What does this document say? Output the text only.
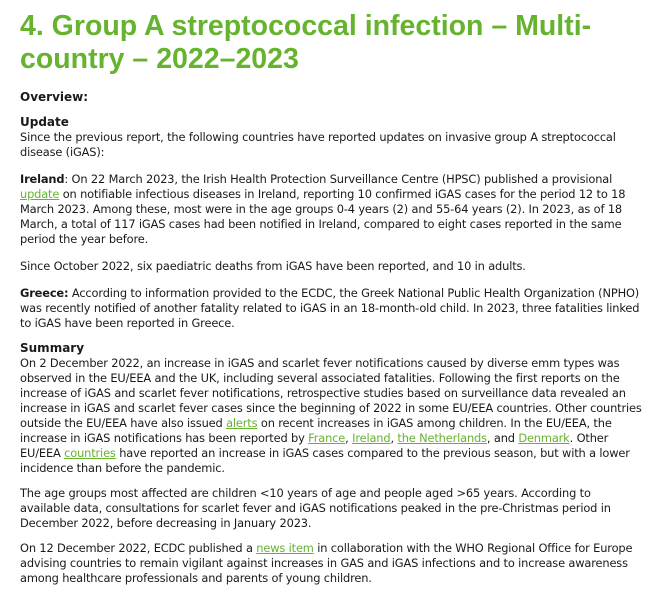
4. Group A streptococcal infection – Multi-country – 2022–2023
Overview:
Update

Since the previous report, the following countries have reported updates on invasive group A streptococcal disease (iGAS):

Ireland: On 22 March 2023, the Irish Health Protection Surveillance Centre (HPSC) published a provisional update on notifiable infectious diseases in Ireland, reporting 10 confirmed iGAS cases for the period 12 to 18 March 2023. Among these, most were in the age groups 0-4 years (2) and 55-64 years (2). In 2023, as of 18 March, a total of 117 iGAS cases had been notified in Ireland, compared to eight cases reported in the same period the year before.

Since October 2022, six paediatric deaths from iGAS have been reported, and 10 in adults.

Greece: According to information provided to the ECDC, the Greek National Public Health Organization (NPHO) was recently notified of another fatality related to iGAS in an 18-month-old child. In 2023, three fatalities linked to iGAS have been reported in Greece.

Summary

On 2 December 2022, an increase in iGAS and scarlet fever notifications caused by diverse emm types was observed in the EU/EEA and the UK, including several associated fatalities. Following the first reports on the increase of iGAS and scarlet fever notifications, retrospective studies based on surveillance data revealed an increase in iGAS and scarlet fever cases since the beginning of 2022 in some EU/EEA countries. Other countries outside the EU/EEA have also issued alerts on recent increases in iGAS among children. In the EU/EEA, the increase in iGAS notifications has been reported by France, Ireland, the Netherlands, and Denmark. Other EU/EEA countries have reported an increase in iGAS cases compared to the previous season, but with a lower incidence than before the pandemic.

The age groups most affected are children <10 years of age and people aged >65 years. According to available data, consultations for scarlet fever and iGAS notifications peaked in the pre-Christmas period in December 2022, before decreasing in January 2023.

On 12 December 2022, ECDC published a news item in collaboration with the WHO Regional Office for Europe advising countries to remain vigilant against increases in GAS and iGAS infections and to increase awareness among healthcare professionals and parents of young children.
